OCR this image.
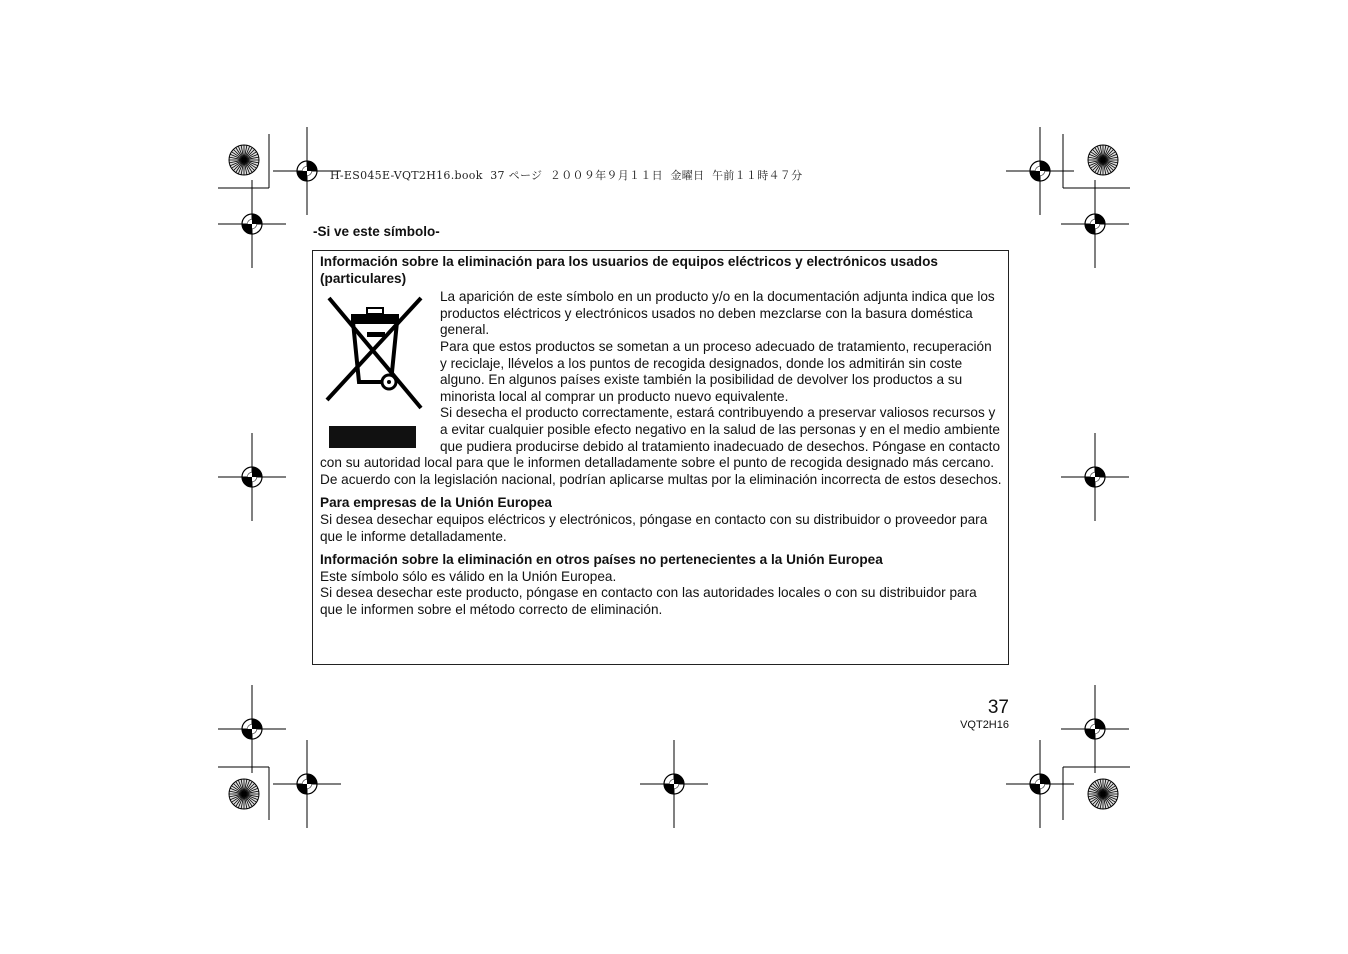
H-ES045E-VQT2H16.book  37 ページ  ２００９年９月１１日  金曜日  午前１１時４７分
-Si ve este símbolo-

Información sobre la eliminación para los usuarios de equipos eléctricos y electrónicos usados (particulares)

La aparición de este símbolo en un producto y/o en la documentación adjunta indica que los productos eléctricos y electrónicos usados no deben mezclarse con la basura doméstica general.

Para que estos productos se sometan a un proceso adecuado de tratamiento, recuperación y reciclaje, llévelos a los puntos de recogida designados, donde los admitirán sin coste alguno. En algunos países existe también la posibilidad de devolver los productos a su minorista local al comprar un producto nuevo equivalente.

Si desecha el producto correctamente, estará contribuyendo a preservar valiosos recursos y a evitar cualquier posible efecto negativo en la salud de las personas y en el medio ambiente que pudiera producirse debido al tratamiento inadecuado de desechos. Póngase en contacto con su autoridad local para que le informen detalladamente sobre el punto de recogida designado más cercano.

De acuerdo con la legislación nacional, podrían aplicarse multas por la eliminación incorrecta de estos desechos.

Para empresas de la Unión Europea

Si desea desechar equipos eléctricos y electrónicos, póngase en contacto con su distribuidor o proveedor para que le informe detalladamente.

Información sobre la eliminación en otros países no pertenecientes a la Unión Europea

Este símbolo sólo es válido en la Unión Europea.

Si desea desechar este producto, póngase en contacto con las autoridades locales o con su distribuidor para que le informen sobre el método correcto de eliminación.

37
VQT2H16
